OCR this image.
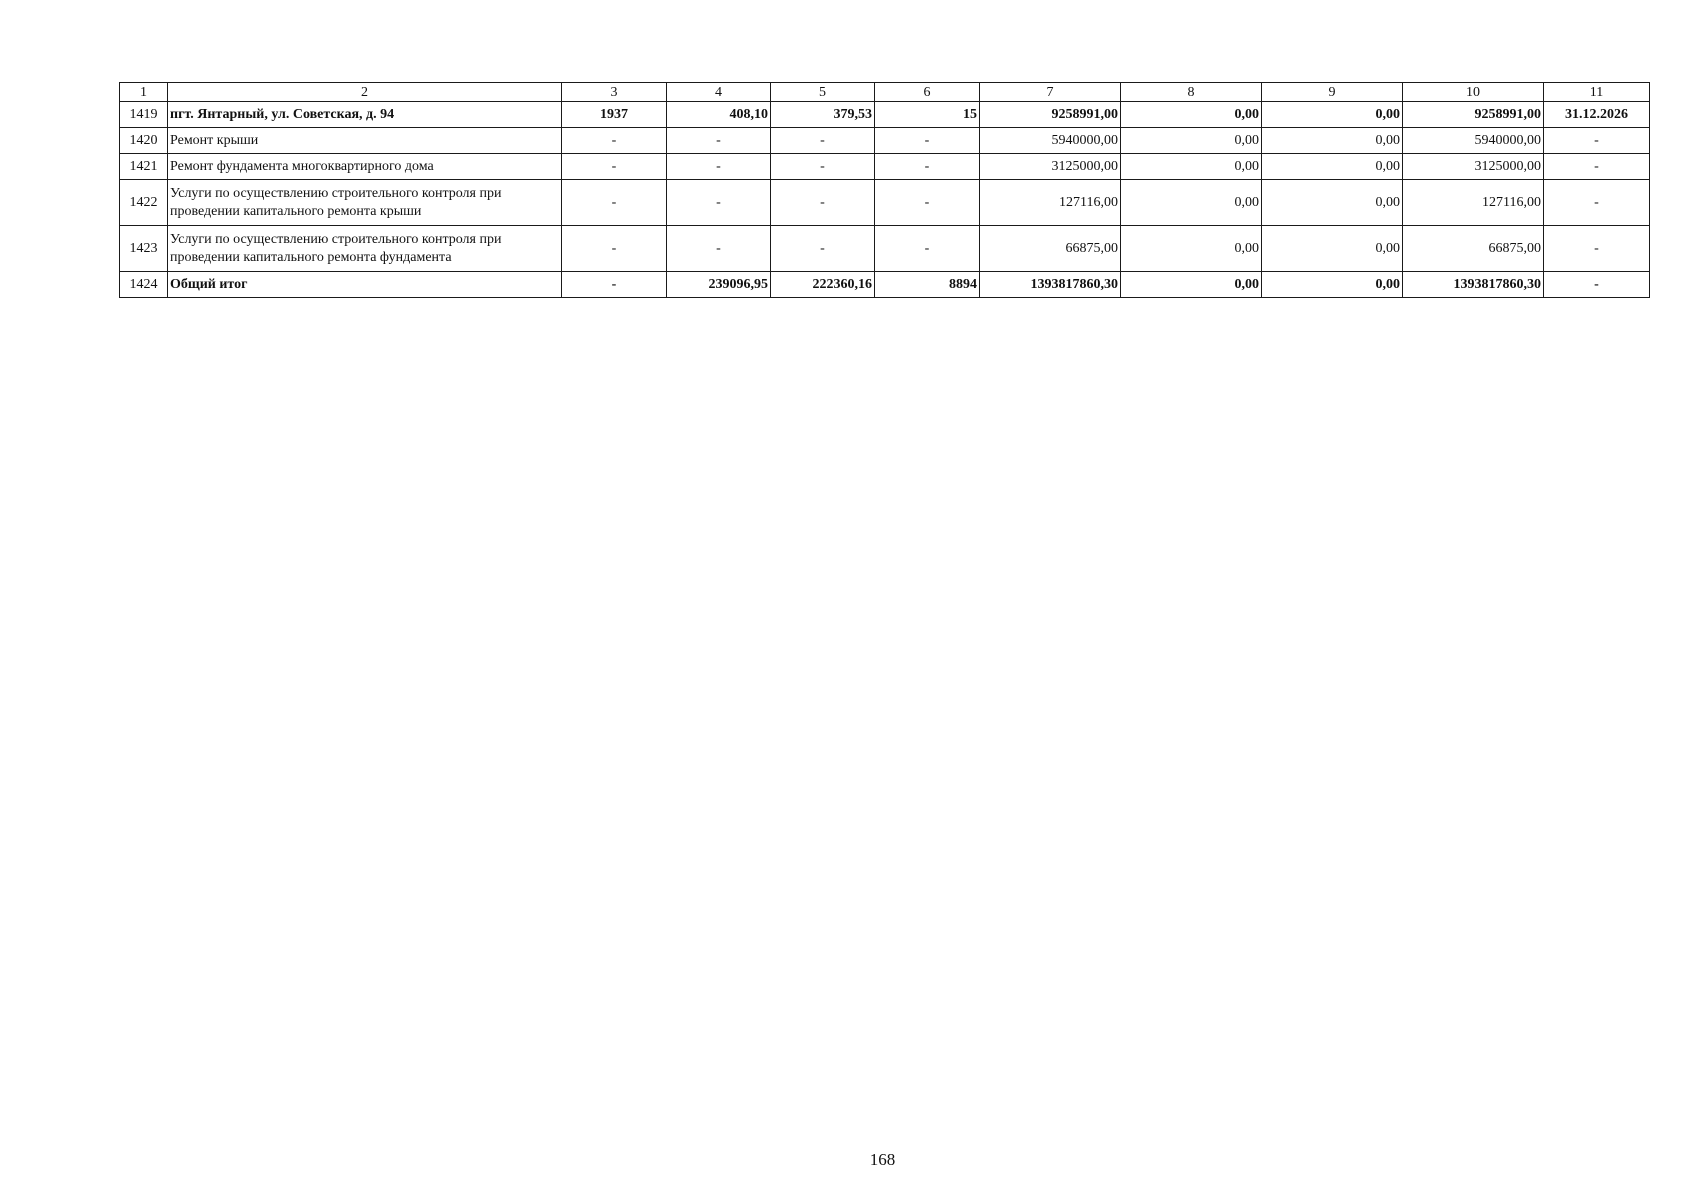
1	2	3	4	5	6	7	8	9	10	11
1419	пгт. Янтарный, ул. Советская, д. 94	1937	408,10	379,53	15	9258991,00	0,00	0,00	9258991,00	31.12.2026
1420	Ремонт крыши	-	-	-	-	5940000,00	0,00	0,00	5940000,00	-
1421	Ремонт фундамента многоквартирного дома	-	-	-	-	3125000,00	0,00	0,00	3125000,00	-
1422	Услуги по осуществлению строительного контроля при проведении капитального ремонта крыши	-	-	-	-	127116,00	0,00	0,00	127116,00	-
1423	Услуги по осуществлению строительного контроля при проведении капитального ремонта фундамента	-	-	-	-	66875,00	0,00	0,00	66875,00	-
1424	Общий итог	-	239096,95	222360,16	8894	1393817860,30	0,00	0,00	1393817860,30	-
168
